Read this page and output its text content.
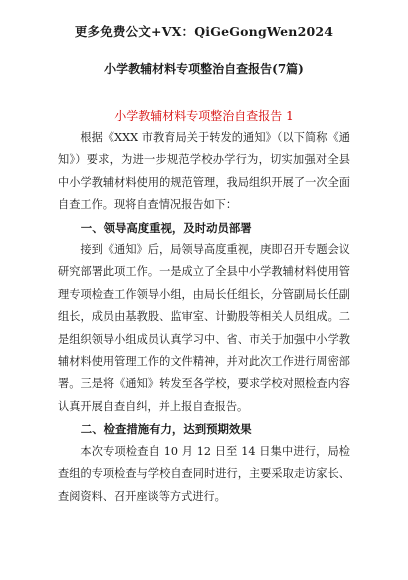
更多免费公文+VX：QiGeGongWen2024
小学教辅材料专项整治自查报告(7篇)
小学教辅材料专项整治自查报告 1

根据《XXX 市教育局关于转发的通知》（以下简称《通知》）要求，为进一步规范学校办学行为，切实加强对全县中小学教辅材料使用的规范管理，我局组织开展了一次全面自查工作。现将自查情况报告如下：

一、领导高度重视，及时动员部署

接到《通知》后，局领导高度重视，庚即召开专题会议研究部署此项工作。一是成立了全县中小学教辅材料使用管理专项检查工作领导小组，由局长任组长，分管副局长任副组长，成员由基教股、监审室、计勤股等相关人员组成。二是组织领导小组成员认真学习中、省、市关于加强中小学教辅材料使用管理工作的文件精神，并对此次工作进行周密部署。三是将《通知》转发至各学校，要求学校对照检查内容认真开展自查自纠，并上报自查报告。

二、检查措施有力，达到预期效果

本次专项检查自 10 月 12 日至 14 日集中进行，局检查组的专项检查与学校自查同时进行，主要采取走访家长、查阅资料、召开座谈等方式进行。
